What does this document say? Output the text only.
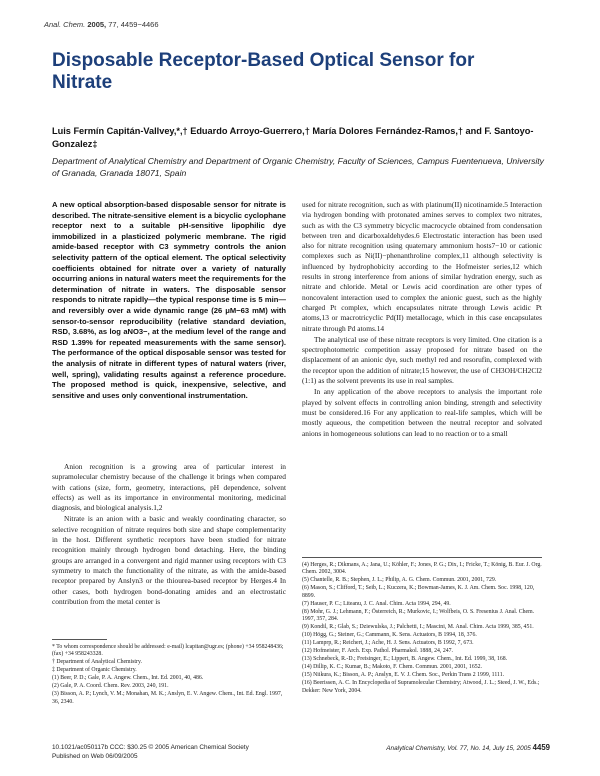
Anal. Chem. 2005, 77, 4459−4466
Disposable Receptor-Based Optical Sensor for Nitrate
Luis Fermín Capitán-Vallvey,*,† Eduardo Arroyo-Guerrero,† María Dolores Fernández-Ramos,† and F. Santoyo-Gonzalez‡
Department of Analytical Chemistry and Department of Organic Chemistry, Faculty of Sciences, Campus Fuentenueva, University of Granada, Granada 18071, Spain
A new optical absorption-based disposable sensor for nitrate is described. The nitrate-sensitive element is a bicyclic cyclophane receptor next to a suitable pH-sensitive lipophilic dye immobilized in a plasticized polymeric membrane. The rigid amide-based receptor with C3 symmetry controls the anion selectivity pattern of the optical element. The optical selectivity coefficients obtained for nitrate over a variety of naturally occurring anions in natural waters meet the requirements for the determination of nitrate in waters. The disposable sensor responds to nitrate rapidly—the typical response time is 5 min—and reversibly over a wide dynamic range (26 μM−63 mM) with sensor-to-sensor reproducibility (relative standard deviation, RSD, 3.68%, as log aNO3−, at the medium level of the range and RSD 1.39% for repeated measurements with the same sensor). The performance of the optical disposable sensor was tested for the analysis of nitrate in different types of natural waters (river, well, spring), validating results against a reference procedure. The proposed method is quick, inexpensive, selective, and sensitive and uses only conventional instrumentation.

Anion recognition is a growing area of particular interest in supramolecular chemistry because of the challenge it brings when compared with cations (size, form, geometry, interactions, pH dependence, solvent effects) as well as its importance in environmental monitoring, medicinal diagnosis, and biological analysis.1,2

Nitrate is an anion with a basic and weakly coordinating character, so selective recognition of nitrate requires both size and shape complementarity in the host. Different synthetic receptors have been studied for nitrate recognition mainly through hydrogen bond detaching. Here, the binding groups are arranged in a convergent and rigid manner using receptors with C3 symmetry to match the functionality of the nitrate, as with the amide-based receptor prepared by Anslyn3 or the thiourea-based receptor by Herges.4 In other cases, both hydrogen bond-donating amides and an electrostatic contribution from the metal center is

* To whom correspondence should be addressed: e-mail) lcapitan@ugr.es; (phone) +34 958248436; (fax) +34 958243328.
† Department of Analytical Chemistry.
‡ Department of Organic Chemistry.
(1) Beer, P. D.; Gale, P. A. Angew. Chem., Int. Ed. 2001, 40, 486.
(2) Gale, P. A. Coord. Chem. Rev. 2003, 240, 191.
(3) Bisson, A. P.; Lynch, V. M.; Monahan, M. K.; Anslyn, E. V. Angew. Chem., Int. Ed. Engl. 1997, 36, 2340.

used for nitrate recognition, such as with platinum(II) nicotinamide.5 Interaction via hydrogen bonding with protonated amines serves to complex two nitrates, such as with the C3 symmetry bicyclic macrocycle obtained from condensation between tren and dicarboxaldehydes.6 Electrostatic interaction has been used also for nitrate recognition using quaternary ammonium hosts7−10 or cationic complexes such as Ni(II)−phenanthroline complex,11 although selectivity is influenced by hydrophobicity according to the Hofmeister series,12 which results in strong interference from anions of similar hydration energy, such as nitrate and chloride. Metal or Lewis acid coordination are other types of noncovalent interaction used to complex the anionic guest, such as the highly charged Pt complex, which encapsulates nitrate through Lewis acidic Pt atoms,13 or macrotricyclic Pd(II) metallocage, which in this case encapsulates nitrate through Pd atoms.14

The analytical use of these nitrate receptors is very limited. One citation is a spectrophotometric competition assay proposed for nitrate based on the displacement of an anionic dye, such methyl red and resorufin, complexed with the receptor upon the addition of nitrate;15 however, the use of CH3OH/CH2Cl2 (1:1) as the solvent prevents its use in real samples.

In any application of the above receptors to analysis the important role played by solvent effects in controlling anion binding, strength and selectivity must be considered.16 For any application to real-life samples, which will be mostly aqueous, the competition between the neutral receptor and solvated anions in homogeneous solutions can lead to no reaction or to a small

(4) Herges, R.; Dikmans, A.; Jana, U.; Köhler, F.; Jones, P. G.; Dix, I.; Fricke, T.; König, B. Eur. J. Org. Chem. 2002, 3004.
(5) Chantelle, R. B.; Stephen, J. L.; Philip, A. G. Chem. Commun. 2001, 2001, 729.
(6) Mason, S.; Clifford, T.; Seib, L.; Kuczera, K.; Bowman-James, K. J. Am. Chem. Soc. 1998, 120, 8899.
(7) Hauser, P. C.; Liteanu, J. C. Anal. Chim. Acta 1994, 294, 49.
(8) Mohr, G. J.; Lehmann, F.; Österreich, R.; Murkovic, I.; Wolfbeis, O. S. Fresenius J. Anal. Chem. 1997, 357, 284.
(9) Kondil, R.; Glab, S.; Dziewulska, J.; Palchetti, I.; Mascini, M. Anal. Chim. Acta 1999, 385, 451.
(10) Högg, G.; Steiner, G.; Cammann, K. Sens. Actuators, B 1994, 18, 376.
(11) Lamprp, R.; Reichert, J.; Ache, H. J. Sens. Actuators, B 1992, 7, 673.
(12) Hofmeister, F. Arch. Exp. Pathol. Pharmakol. 1888, 24, 247.
(13) Schnebeck, R.-D.; Freisinger, E.; Lippert, B. Angew. Chem., Int. Ed. 1999, 38, 168.
(14) Dillip, K. C.; Kumar, B.; Makoto, F. Chem. Commun. 2001, 2001, 1652.
(15) Niikura, K.; Bisson, A. P.; Anslyn, E. V. J. Chem. Soc., Perkin Trans 2 1999, 1111.
(16) Beerissen, A. C. In Encyclopedia of Supramolecular Chemistry; Atwood, J. L.; Steed, J. W., Eds.; Dekker: New York, 2004.
10.1021/ac050117b CCC: $30.25 © 2005 American Chemical Society
Published on Web 06/09/2005
Analytical Chemistry, Vol. 77, No. 14, July 15, 2005 4459
